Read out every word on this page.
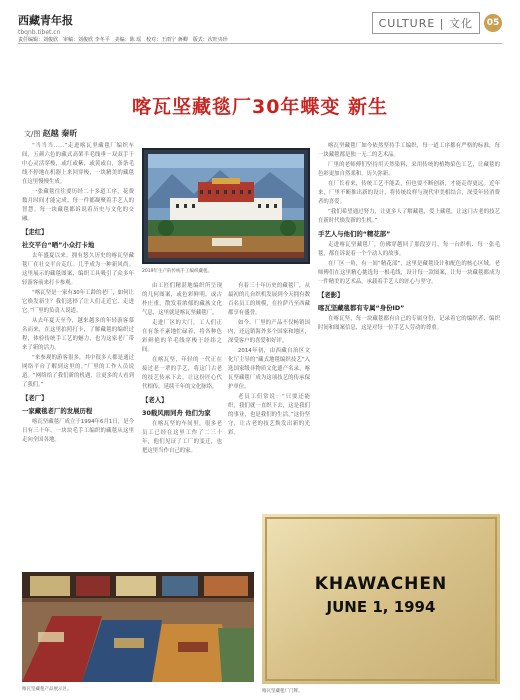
西藏青年报
tbqnb.tibet.cn
责任编辑：刘俊欣　审稿：刘俊欣 李冬平　美编：陈 瑶　校对：王雨宁 蒋卿　版式：次旺央珍
CULTURE | 文化	05
喀瓦坚藏毯厂30年蝶变 新生
文/图 赵越 秦昕

“当当当……”走进喀瓦坚藏毯厂编织车间，五颜六色的藏式高架半毛线垂一双双手于中心灵活穿梭，或红或紫，或黄或白，条条毛线不停地在机器上来回穿梭，一块精美的藏毯在这里慢慢生成。

一张藏毯往往要历经二十多道工序，花费数月时间才能完成。每一件都凝聚着手艺人的智慧。每一块藏毯都诉说着历史与文化的交融。

【走红】
社交平台“晒”小众打卡地

去年盛夏以来，拥有悠久历史的喀瓦坚藏毯厂在社交平台走红。几乎成为一种新风尚。这里展示的藏毯图案、编织工具吸引了众多年轻游客前来打卡参观。

“喀瓦坚是一家有30年工龄的老厂，如何让它焕发新生？我们选择了让人们走近它、走进它。”厂里的负责人说道。

从去年夏天至今，越来越多的年轻游客慕名而来，在这里拍照打卡，了解藏毯的编织过程，体验传统手工艺的魅力，也为这家老厂带来了新的活力。

“来参观的游客很多，其中很多人都是通过网络平台了解到这里的。”厂里的工作人员说道。“网络给了我们新的机遇，让更多的人看到了我们。”

【老厂】
一家藏毯老厂的发展历程

喀瓦坚藏毯厂成立于1994年6月1日，是今日有三十年、一块块毛手工编织的藏毯从这里走向全国各地。

2019年生产的传统手工编织藏毯。

由工匠们精湛地编织所呈现的几何图案，或色彩鲜明，或古朴庄重，散发着浓郁的藏族文化气息，这里就是喀瓦坚藏毯厂。

走进厂区的大门，工人们正在有条不紊地忙碌着，将各种色彩鲜艳的羊毛线穿梭于经纬之间。

在喀瓦坚，年轻的一代正在接过老一辈的手艺，将这门古老的技艺传承下去，让这份匠心代代相传，延续千年的文化脉络。

【老人】
30载风雨同舟 他们为家

在喀瓦坚的车间里，很多老员工已经在这里工作了二三十年，他们见证了工厂的变迁，也把这里当作自己的家。

有着三十年历史的藏毯厂，从最初的几台织机发展到今天拥有数百名员工的规模，在拉萨乃至西藏都享有盛誉。

如今，厂里的产品不仅畅销国内，还远销海外多个国家和地区，深受客户的喜爱和好评。

2014年初，由西藏自治区文化厅主导的“藏式地毯编织技艺”入选国家级非物质文化遗产名录，喀瓦坚藏毯厂成为这项技艺的传承保护单位。

老员工们常说：“只要还能织，我们就一直织下去，这是我们的事业，也是我们的生活。”这份坚守，让古老的技艺焕发出新的光彩。

喀瓦坚藏毯厂如今依然坚持手工编织，每一道工序都有严格的标准，每一块藏毯都是独一无二的艺术品。

厂里的老师傅们坚持用天然染料，采用传统的植物染色工艺，让藏毯的色彩更加自然柔和，历久弥新。

在厂长看来，传统工艺不能丢，但也要不断创新，才能走得更远。近年来，厂里不断推出新的设计，将传统纹样与现代审美相结合，深受年轻消费者的喜爱。

“我们希望通过努力，让更多人了解藏毯，爱上藏毯，让这门古老的技艺在新时代焕发新的生机。”

手艺人与他们的“精花部”

走进喀瓦坚藏毯厂，仿佛穿越回了那段岁月，每一台织机、每一张毛毯，都在诉说着一个个动人的故事。

在厂区一角，有一间“精花部”，这里是藏毯设计和配色的核心区域，老师傅们在这里精心挑选每一根毛线，设计每一款图案，让每一块藏毯都成为一件精美的艺术品，承载着手艺人的匠心与坚守。

【老影】
喀瓦坚藏毯都有专属“身份ID”

在喀瓦坚，每一块藏毯都有自己的专属身份，记录着它的编织者、编织时间和图案信息，这是对每一位手艺人劳动的尊重。

喀瓦坚藏毯产品展示区。
KHAWACHEN
JUNE 1, 1994
喀瓦坚藏毯厂门牌。
